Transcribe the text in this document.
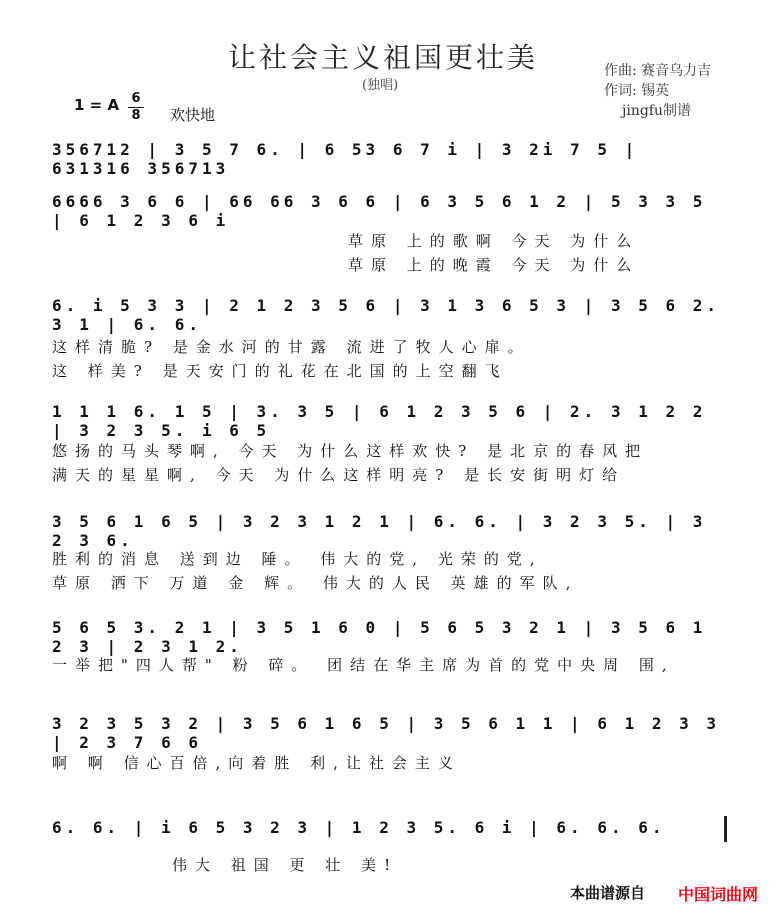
让社会主义祖国更壮美
(独唱)
作曲: 赛音乌力吉
作词: 锡英
jingfu制谱
1 = A 6
8 欢快地
356712 | 3 5 7 6. | 6 53 6 7 i | 3 2i 7 5 | 631316 356713
6666 3 6 6 | 66 66 3 6 6 | 6 3 5 6 1 2 | 5 3 3 5 | 6 1 2 3 6 i
草原 上的歌啊 今天 为什么
草原 上的晚霞 今天 为什么
6. i 5 3 3 | 2 1 2 3 5 6 | 3 1 3 6 5 3 | 3 5 6 2. 3 1 | 6. 6.
这样清脆? 是金水河的甘露 流进了牧人心扉。
这 样美? 是天安门的礼花在北国的上空翻飞
1 1 1 6. 1 5 | 3. 3 5 | 6 1 2 3 5 6 | 2. 3 1 2 2 | 3 2 3 5. i 6 5
悠扬的马头琴啊, 今天 为什么这样欢快? 是北京的春风把
满天的星星啊, 今天 为什么这样明亮? 是长安街明灯给
3 5 6 1 6 5 | 3 2 3 1 2 1 | 6. 6. | 3 2 3 5. | 3 2 3 6.
胜利的消息 送到边 陲。 伟大的党, 光荣的党,
草原 洒下 万道 金 辉。 伟大的人民 英雄的军队,
5 6 5 3. 2 1 | 3 5 1 6 0 | 5 6 5 3 2 1 | 3 5 6 1 2 3 | 2 3 1 2.
一举把"四人帮" 粉 碎。 团结在华主席为首的党中央周 围,
3 2 3 5 3 2 | 3 5 6 1 6 5 | 3 5 6 1 1 | 6 1 2 3 3 | 2 3 7 6 6
啊 啊 信心百倍,向着胜 利,让社会主义
6. 6. | i 6 5 3 2 3 | 1 2 3 5. 6 i | 6. 6. 6.
伟大 祖国 更 壮 美!
本曲谱源自 中国词曲网
